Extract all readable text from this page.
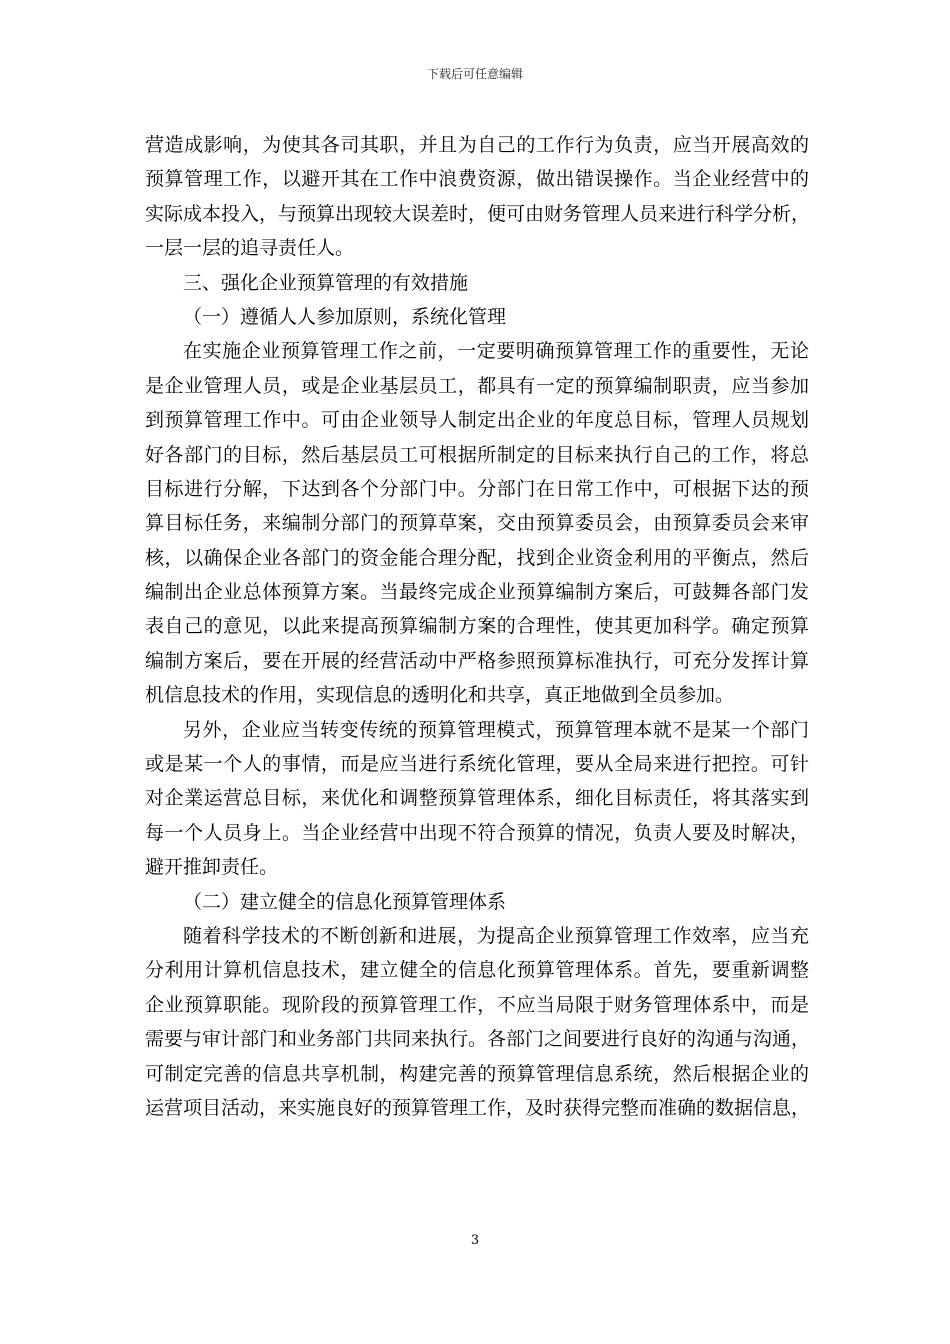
下载后可任意编辑
营造成影响，为使其各司其职，并且为自己的工作行为负责，应当开展高效的
预算管理工作，以避开其在工作中浪费资源，做出错误操作。当企业经营中的
实际成本投入，与预算出现较大误差时，便可由财务管理人员来进行科学分析，
一层一层的追寻责任人。
三、强化企业预算管理的有效措施
（一）遵循人人参加原则，系统化管理
在实施企业预算管理工作之前，一定要明确预算管理工作的重要性，无论
是企业管理人员，或是企业基层员工，都具有一定的预算编制职责，应当参加
到预算管理工作中。可由企业领导人制定出企业的年度总目标，管理人员规划
好各部门的目标，然后基层员工可根据所制定的目标来执行自己的工作，将总
目标进行分解，下达到各个分部门中。分部门在日常工作中，可根据下达的预
算目标任务，来编制分部门的预算草案，交由预算委员会，由预算委员会来审
核，以确保企业各部门的资金能合理分配，找到企业资金利用的平衡点，然后
编制出企业总体预算方案。当最终完成企业预算编制方案后，可鼓舞各部门发
表自己的意见，以此来提高预算编制方案的合理性，使其更加科学。确定预算
编制方案后，要在开展的经营活动中严格参照预算标准执行，可充分发挥计算
机信息技术的作用，实现信息的透明化和共享，真正地做到全员参加。
另外，企业应当转变传统的预算管理模式，预算管理本就不是某一个部门
或是某一个人的事情，而是应当进行系统化管理，要从全局来进行把控。可针
对企業运营总目标，来优化和调整预算管理体系，细化目标责任，将其落实到
每一个人员身上。当企业经营中出现不符合预算的情况，负责人要及时解决，
避开推卸责任。
（二）建立健全的信息化预算管理体系
随着科学技术的不断创新和进展，为提高企业预算管理工作效率，应当充
分利用计算机信息技术，建立健全的信息化预算管理体系。首先，要重新调整
企业预算职能。现阶段的预算管理工作，不应当局限于财务管理体系中，而是
需要与审计部门和业务部门共同来执行。各部门之间要进行良好的沟通与沟通，
可制定完善的信息共享机制，构建完善的预算管理信息系统，然后根据企业的
运营项目活动，来实施良好的预算管理工作，及时获得完整而准确的数据信息，
3
